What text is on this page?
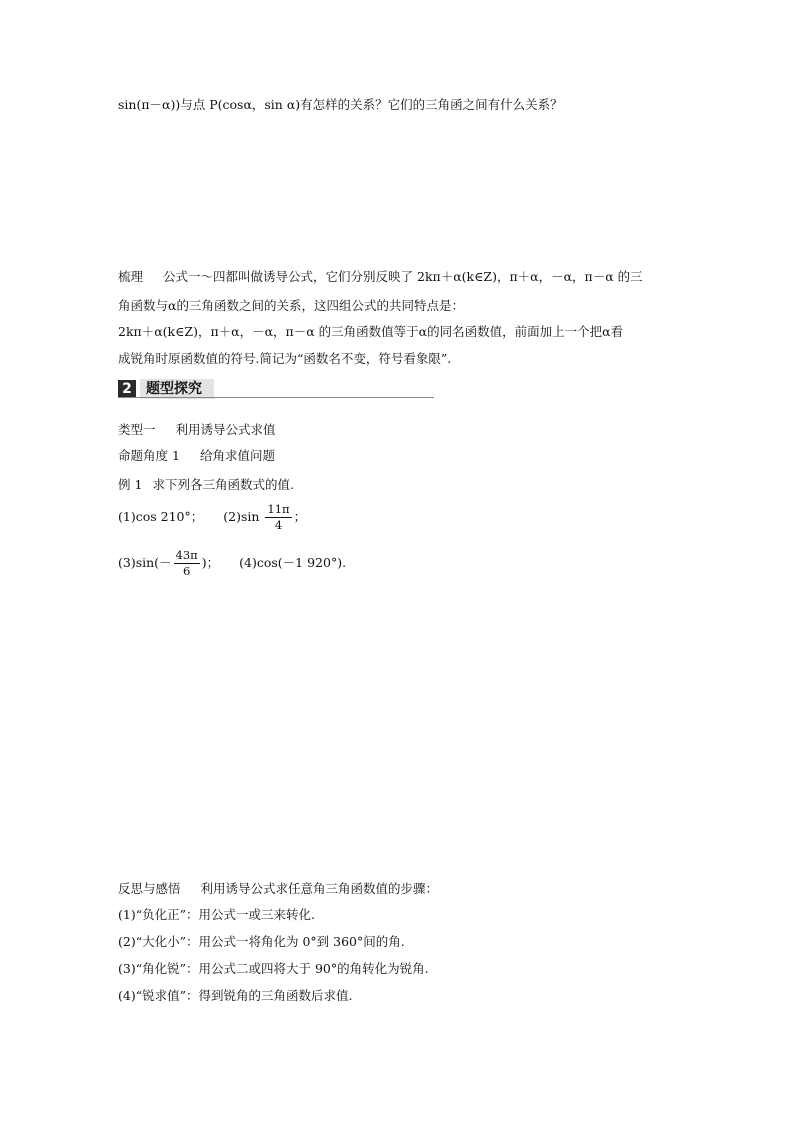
sin(π－α))与点 P(cosα，sin α)有怎样的关系？它们的三角函之间有什么关系？
梳理 公式一～四都叫做诱导公式，它们分别反映了 2kπ＋α(k∈Z)，π＋α，－α，π－α 的三
角函数与α的三角函数之间的关系，这四组公式的共同特点是：
2kπ＋α(k∈Z)，π＋α，－α，π－α 的三角函数值等于α的同名函数值，前面加上一个把α看
成锐角时原函数值的符号.简记为“函数名不变，符号看象限”.
2	题型探究
类型一 利用诱导公式求值
命题角度 1 给角求值问题
例 1 求下列各三角函数式的值.
(1)cos 210°； $(2)\sin \frac{11\pi}{4}$ ；
$(3)\sin(- \frac{43\pi}{6}$ )； (4)cos(－1 920°).
反思与感悟 利用诱导公式求任意角三角函数值的步骤：
(1)“负化正”：用公式一或三来转化.
(2)“大化小”：用公式一将角化为 0°到 360°间的角.
(3)“角化锐”：用公式二或四将大于 90°的角转化为锐角.
(4)“锐求值”：得到锐角的三角函数后求值.
